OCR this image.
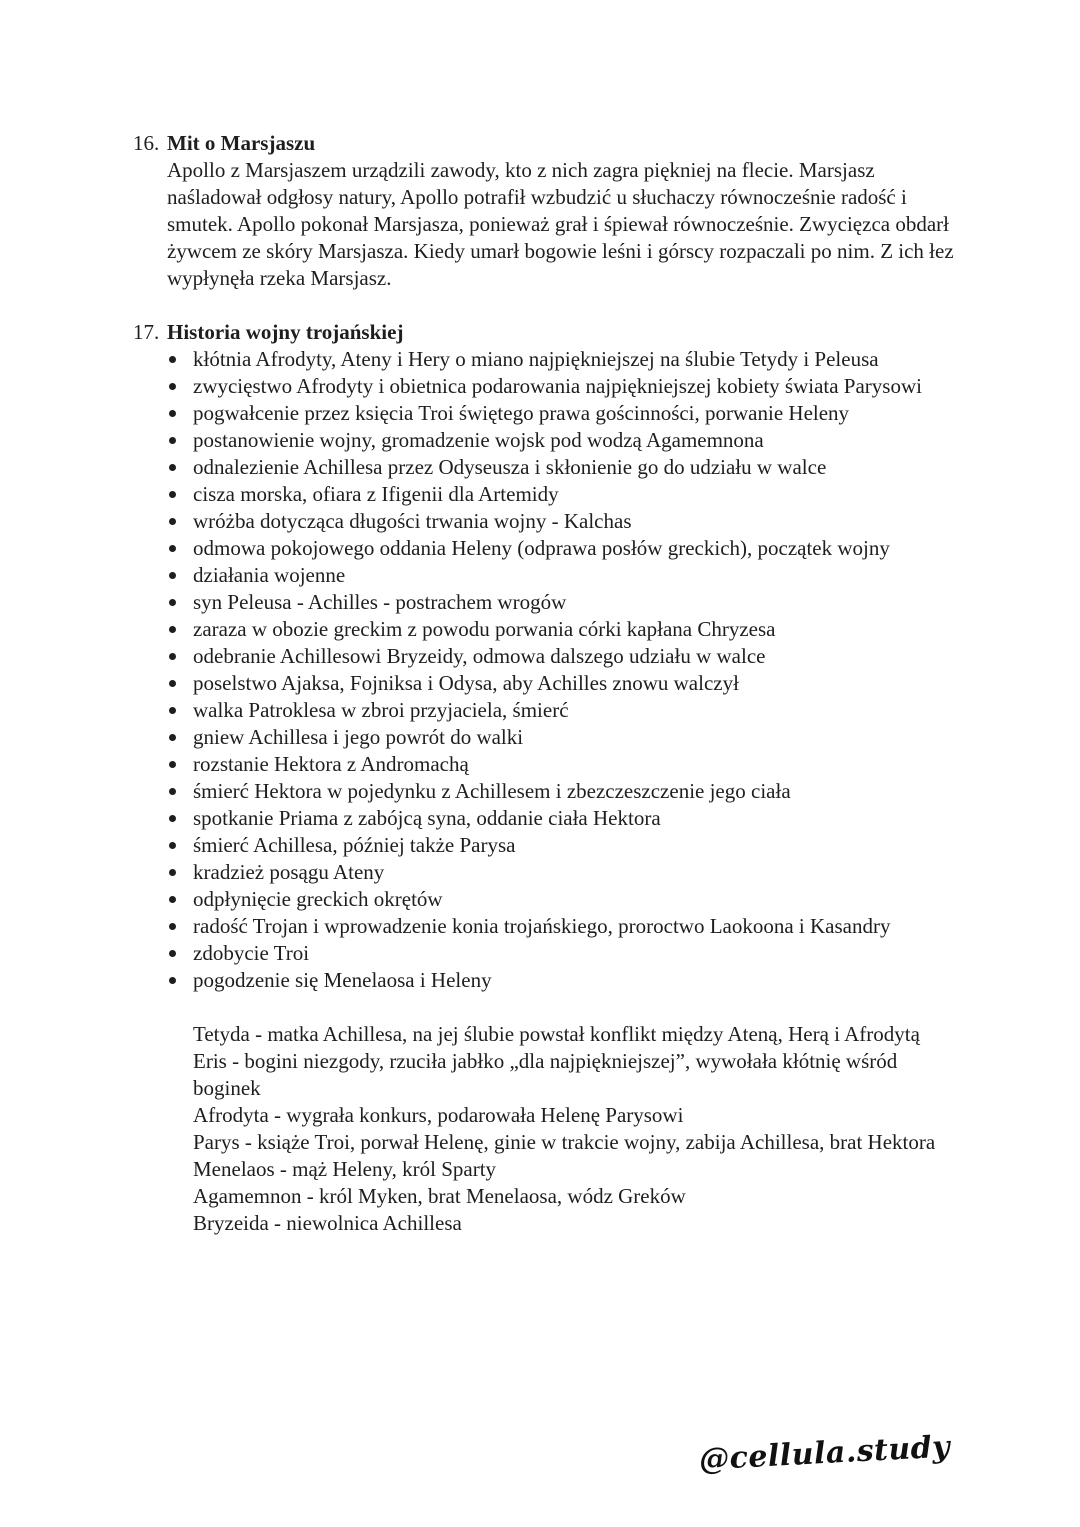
16. Mit o Marsjaszu
Apollo z Marsjaszem urządzili zawody, kto z nich zagra piękniej na flecie. Marsjasz naśladował odgłosy natury, Apollo potrafił wzbudzić u słuchaczy równocześnie radość i smutek. Apollo pokonał Marsjasza, ponieważ grał i śpiewał równocześnie. Zwycięzca obdarł żywcem ze skóry Marsjasza. Kiedy umarł bogowie leśni i górscy rozpaczali po nim. Z ich łez wypłynęła rzeka Marsjasz.
17. Historia wojny trojańskiej
kłótnia Afrodyty, Ateny i Hery o miano najpiękniejszej na ślubie Tetydy i Peleusa
zwycięstwo Afrodyty i obietnica podarowania najpiękniejszej kobiety świata Parysowi
pogwałcenie przez księcia Troi świętego prawa gościnności, porwanie Heleny
postanowienie wojny, gromadzenie wojsk pod wodzą Agamemnona
odnalezienie Achillesa przez Odyseusza i skłonienie go do udziału w walce
cisza morska, ofiara z Ifigenii dla Artemidy
wróżba dotycząca długości trwania wojny - Kalchas
odmowa pokojowego oddania Heleny (odprawa posłów greckich), początek wojny
działania wojenne
syn Peleusa - Achilles - postrachem wrogów
zaraza w obozie greckim z powodu porwania córki kapłana Chryzesa
odebranie Achillesowi Bryzeidy, odmowa dalszego udziału w walce
poselstwo Ajaksa, Fojniksa i Odysa, aby Achilles znowu walczył
walka Patroklesa w zbroi przyjaciela, śmierć
gniew Achillesa i jego powrót do walki
rozstanie Hektora z Andromachą
śmierć Hektora w pojedynku z Achillesem i zbezczeszczenie jego ciała
spotkanie Priama z zabójcą syna, oddanie ciała Hektora
śmierć Achillesa, później także Parysa
kradzież posągu Ateny
odpłynięcie greckich okrętów
radość Trojan i wprowadzenie konia trojańskiego, proroctwo Laokoona i Kasandry
zdobycie Troi
pogodzenie się Menelaosa i Heleny

Tetyda - matka Achillesa, na jej ślubie powstał konflikt między Ateną, Herą i Afrodytą

Eris - bogini niezgody, rzuciła jabłko „dla najpiękniejszej”, wywołała kłótnię wśród boginek

Afrodyta - wygrała konkurs, podarowała Helenę Parysowi

Parys - książe Troi, porwał Helenę, ginie w trakcie wojny, zabija Achillesa, brat Hektora

Menelaos - mąż Heleny, król Sparty

Agamemnon - król Myken, brat Menelaosa, wódz Greków

Bryzeida - niewolnica Achillesa

@cellula.study
